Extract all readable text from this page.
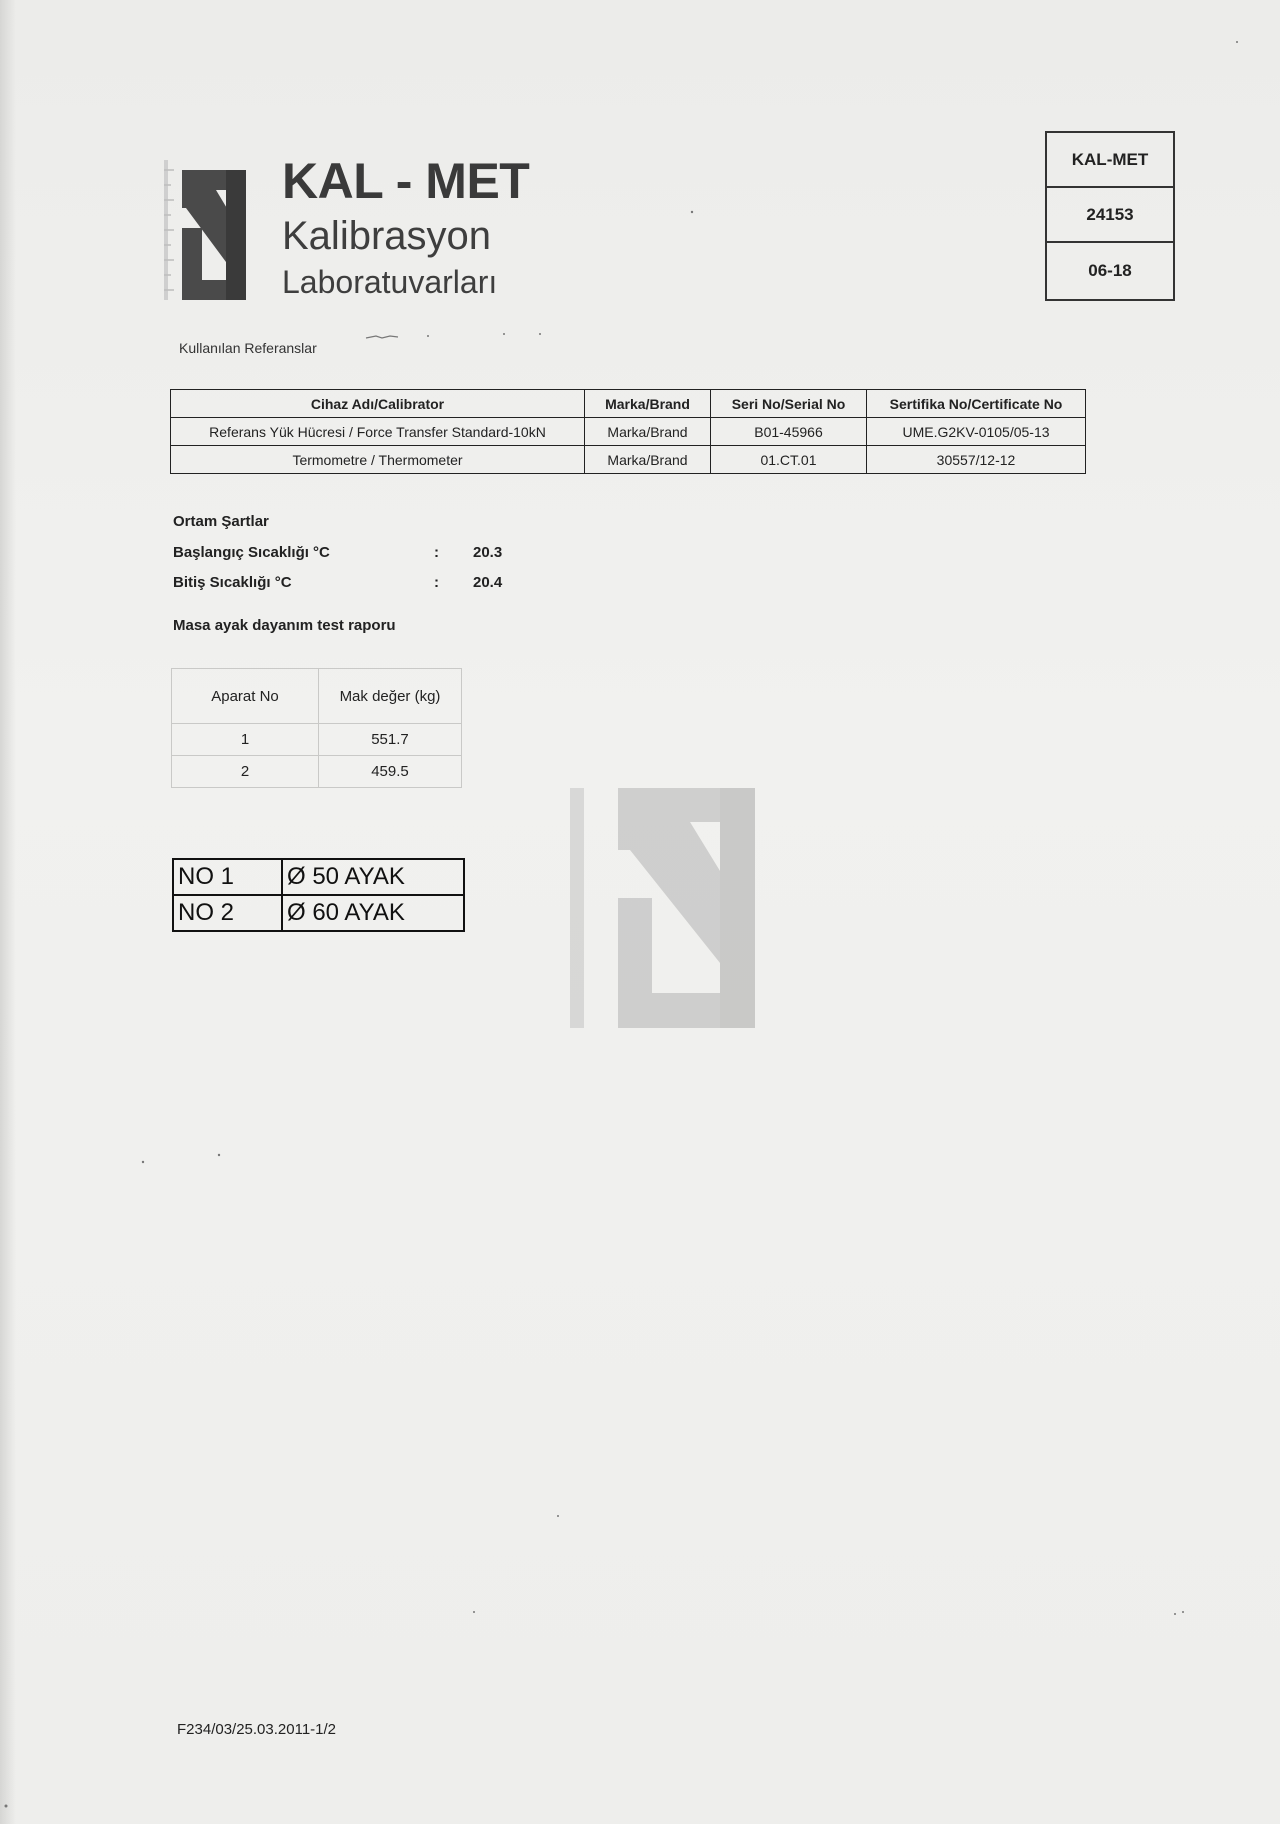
KAL - MET
Kalibrasyon
Laboratuvarları
KAL-MET
24153
06-18
Kullanılan Referanslar
Cihaz Adı/Calibrator	Marka/Brand	Seri No/Serial No	Sertifika No/Certificate No
Referans Yük Hücresi / Force Transfer Standard-10kN	Marka/Brand	B01-45966	UME.G2KV-0105/05-13
Termometre / Thermometer	Marka/Brand	01.CT.01	30557/12-12
Ortam Şartlar
Başlangıç Sıcaklığı °C	: 20.3
Bitiş Sıcaklığı °C	: 20.4
Masa ayak dayanım test raporu
Aparat No	Mak değer (kg)
1	551.7
2	459.5
NO 1	Ø 50 AYAK
NO 2	Ø 60 AYAK
F234/03/25.03.2011-1/2
